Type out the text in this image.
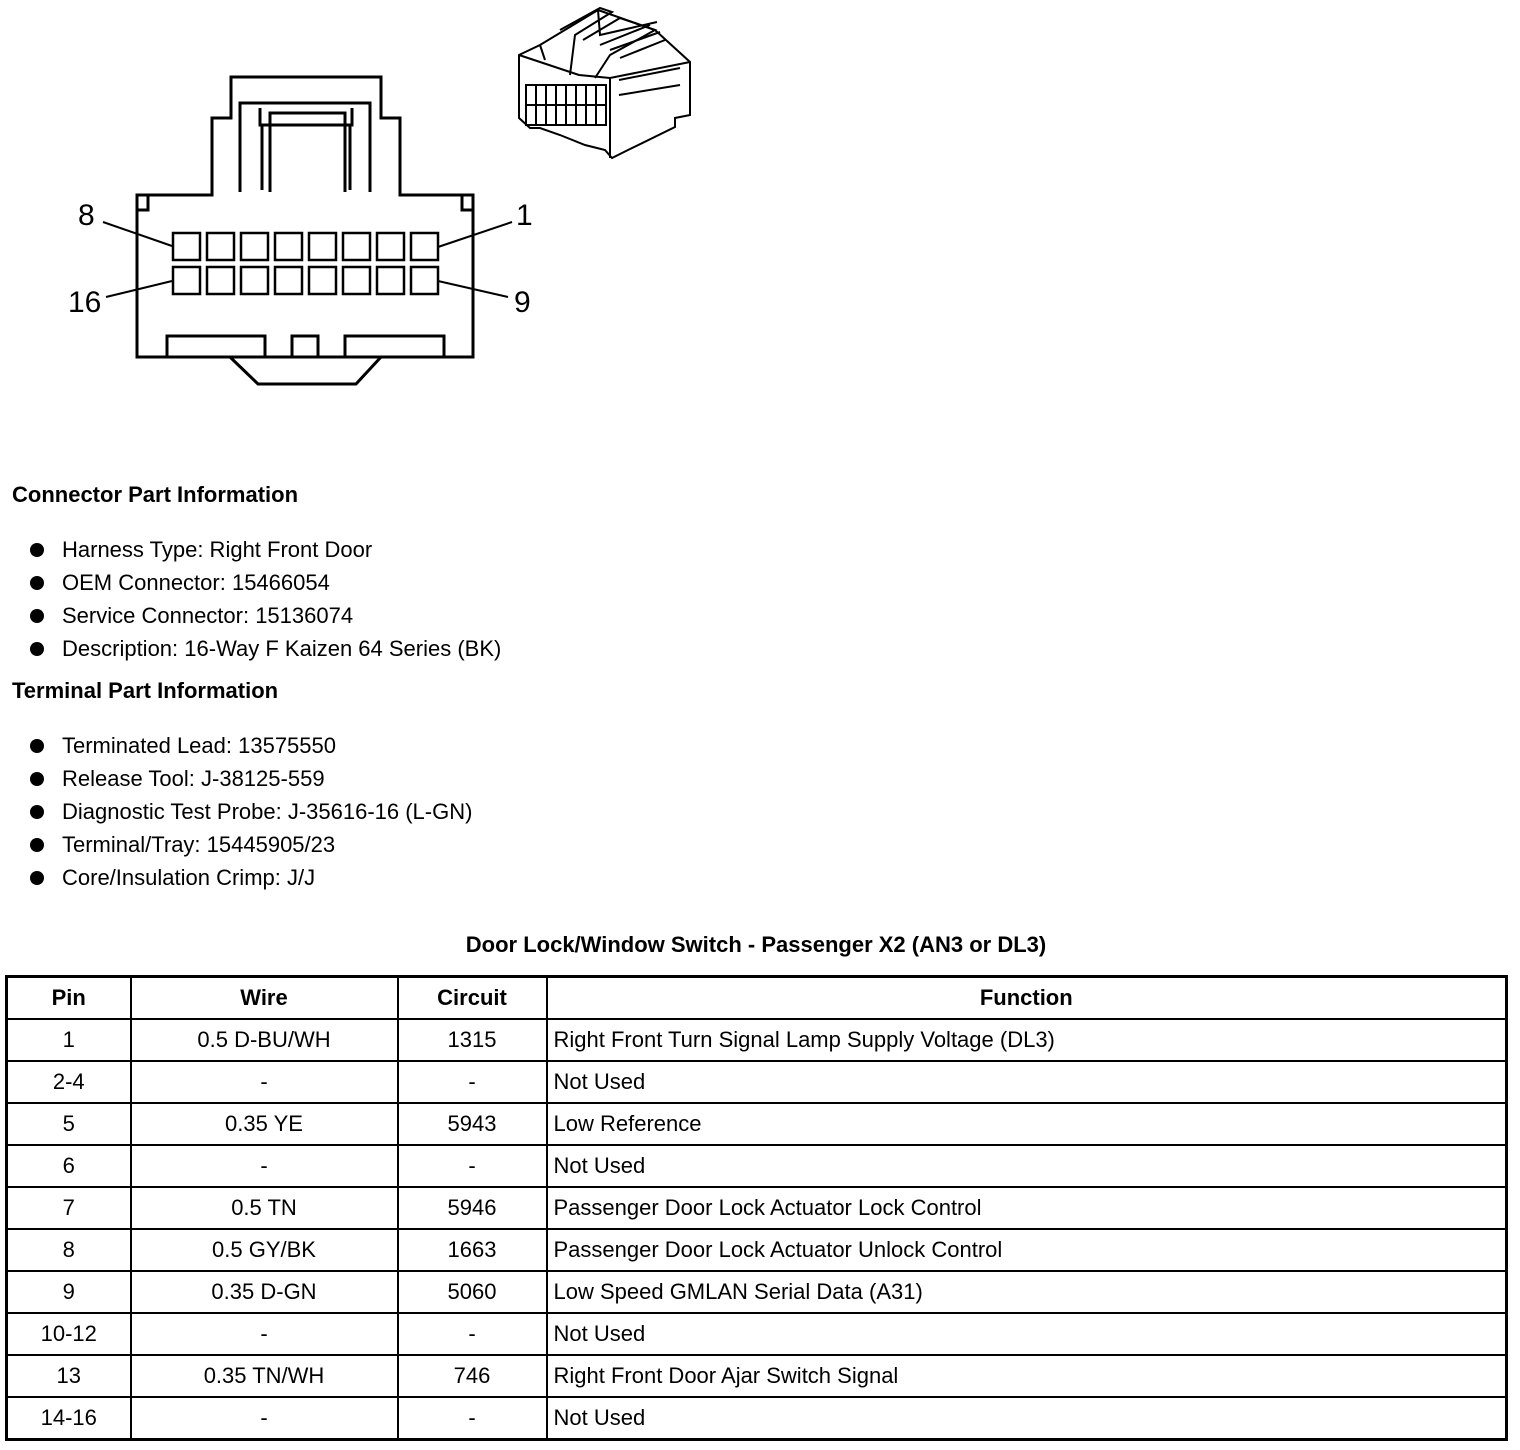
8	1
16	9
Connector Part Information
Harness Type: Right Front Door
OEM Connector: 15466054
Service Connector: 15136074
Description: 16-Way F Kaizen 64 Series (BK)
Terminal Part Information
Terminated Lead: 13575550
Release Tool: J-38125-559
Diagnostic Test Probe: J-35616-16 (L-GN)
Terminal/Tray: 15445905/23
Core/Insulation Crimp: J/J
Door Lock/Window Switch - Passenger X2 (AN3 or DL3)
Pin	Wire	Circuit	Function
1	0.5 D-BU/WH	1315	Right Front Turn Signal Lamp Supply Voltage (DL3)
2-4	-	-	Not Used
5	0.35 YE	5943	Low Reference
6	-	-	Not Used
7	0.5 TN	5946	Passenger Door Lock Actuator Lock Control
8	0.5 GY/BK	1663	Passenger Door Lock Actuator Unlock Control
9	0.35 D-GN	5060	Low Speed GMLAN Serial Data (A31)
10-12	-	-	Not Used
13	0.35 TN/WH	746	Right Front Door Ajar Switch Signal
14-16	-	-	Not Used
